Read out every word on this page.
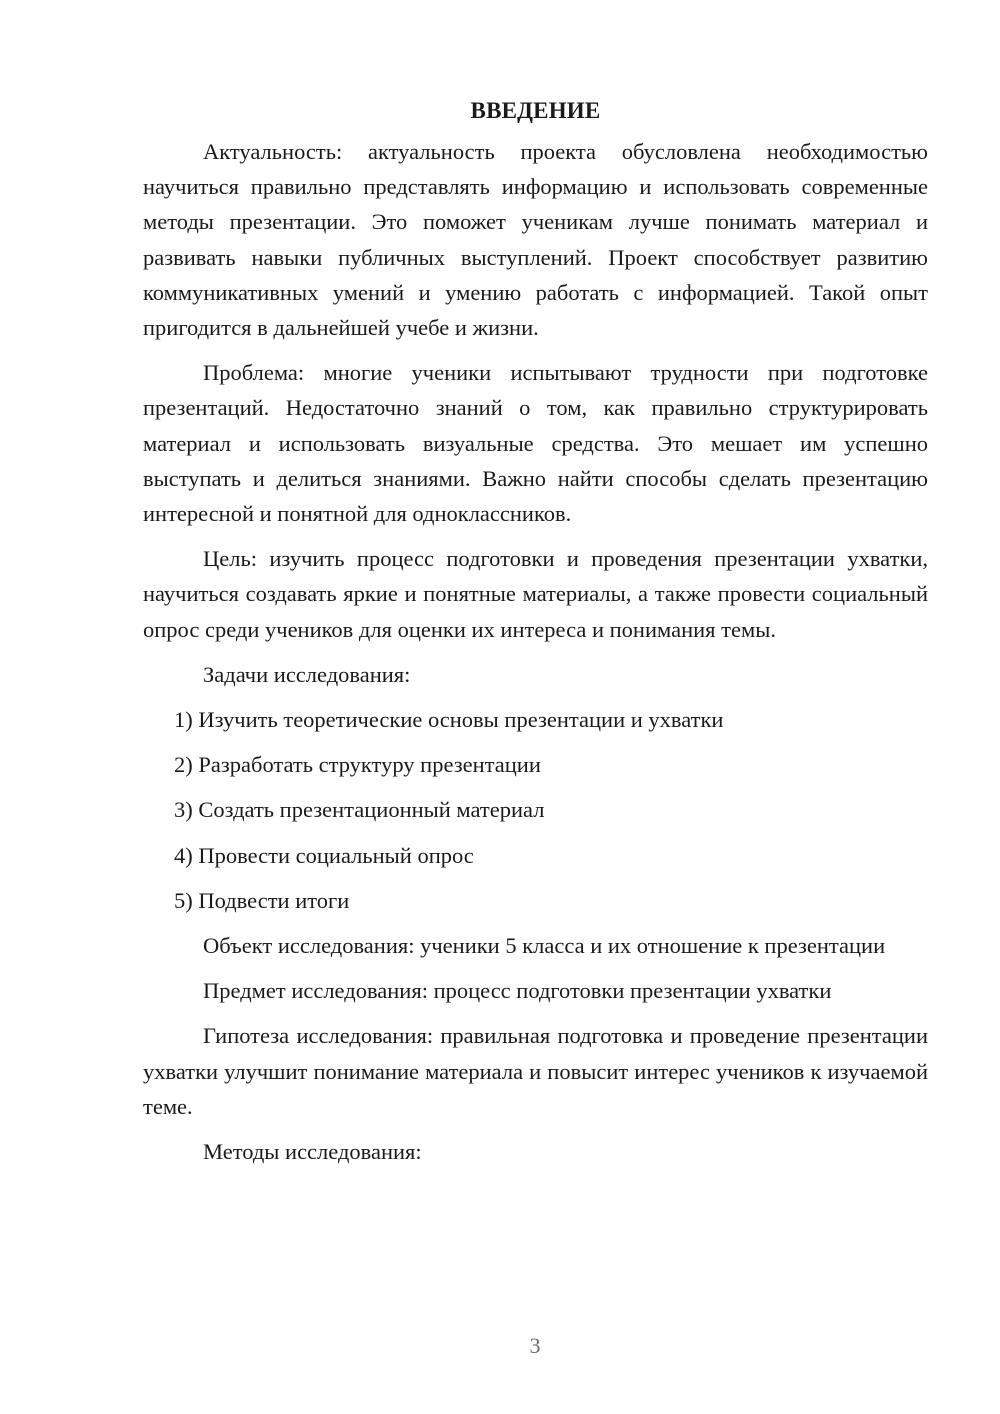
ВВЕДЕНИЕ

Актуальность: актуальность проекта обусловлена необходимостью научиться правильно представлять информацию и использовать современные методы презентации. Это поможет ученикам лучше понимать материал и развивать навыки публичных выступлений. Проект способствует развитию коммуникативных умений и умению работать с информацией. Такой опыт пригодится в дальнейшей учебе и жизни.

Проблема: многие ученики испытывают трудности при подготовке презентаций. Недостаточно знаний о том, как правильно структурировать материал и использовать визуальные средства. Это мешает им успешно выступать и делиться знаниями. Важно найти способы сделать презентацию интересной и понятной для одноклассников.

Цель: изучить процесс подготовки и проведения презентации ухватки, научиться создавать яркие и понятные материалы, а также провести социальный опрос среди учеников для оценки их интереса и понимания темы.

Задачи исследования:

1) Изучить теоретические основы презентации и ухватки
2) Разработать структуру презентации
3) Создать презентационный материал
4) Провести социальный опрос
5) Подвести итоги

Объект исследования: ученики 5 класса и их отношение к презентации

Предмет исследования: процесс подготовки презентации ухватки

Гипотеза исследования: правильная подготовка и проведение презентации ухватки улучшит понимание материала и повысит интерес учеников к изучаемой теме.

Методы исследования:

3
